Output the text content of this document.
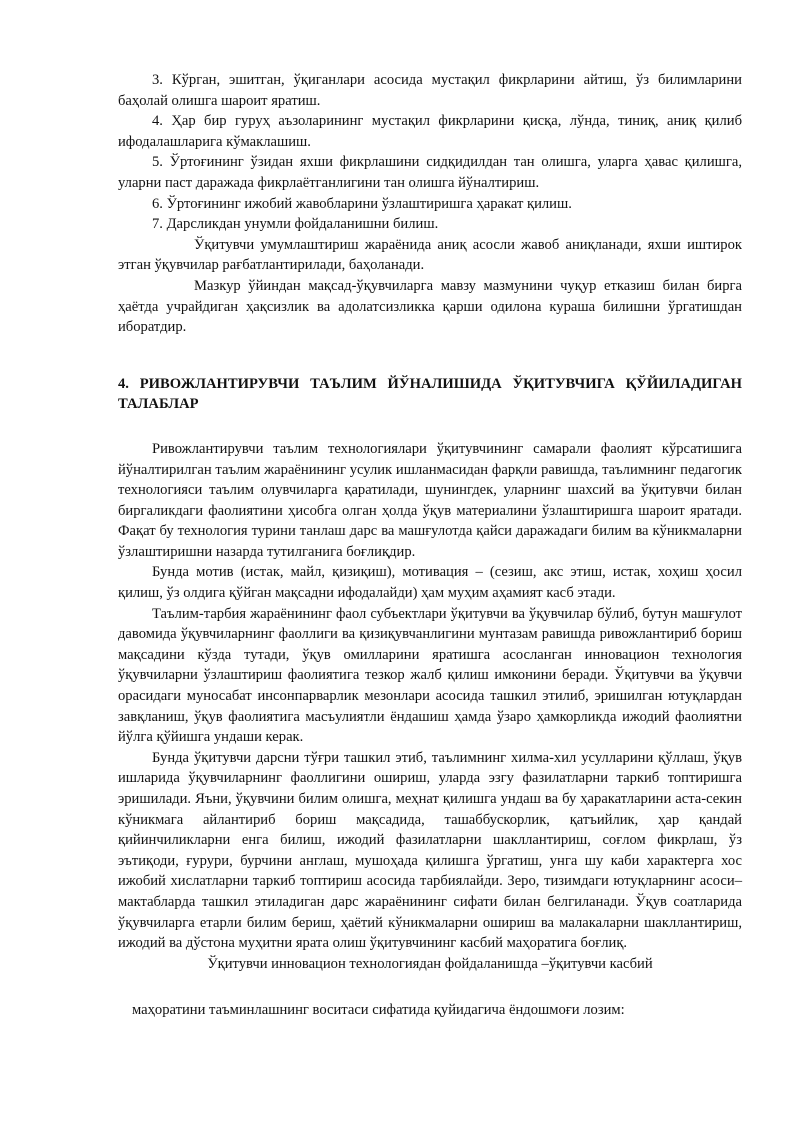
3. Кўрган, эшитган, ўқиганлари асосида мустақил фикрларини айтиш, ўз билимларини баҳолай олишга шароит яратиш.

4. Ҳар бир гуруҳ аъзоларининг мустақил фикрларини қисқа, лўнда, тиниқ, аниқ қилиб ифодалашларига кўмаклашиш.

5. Ўртоғининг ўзидан яхши фикрлашини сидқидилдан тан олишга, уларга ҳавас қилишга, уларни паст даражада фикрлаётганлигини тан олишга йўналтириш.

6. Ўртоғининг ижобий жавобларини ўзлаштиришга ҳаракат қилиш.

7. Дарсликдан унумли фойдаланишни билиш.

Ўқитувчи умумлаштириш жараёнида аниқ асосли жавоб аниқланади, яхши иштирок этган ўқувчилар рағбатлантирилади, баҳоланади.

Мазкур ўйиндан мақсад-ўқувчиларга мавзу мазмунини чуқур етказиш билан бирга ҳаётда учрайдиган ҳақсизлик ва адолатсизликка қарши одилона кураша билишни ўргатишдан иборатдир.

4. РИВОЖЛАНТИРУВЧИ ТАЪЛИМ ЙЎНАЛИШИДА ЎҚИТУВЧИГА ҚЎЙИЛАДИГАН ТАЛАБЛАР

Ривожлантирувчи таълим технологиялари ўқитувчининг самарали фаолият кўрсатишига йўналтирилган таълим жараёнининг усулик ишланмасидан фарқли равишда, таълимнинг педагогик технологияси таълим олувчиларга қаратилади, шунингдек, уларнинг шахсий ва ўқитувчи билан биргаликдаги фаолиятини ҳисобга олган ҳолда ўқув материалини ўзлаштиришга шароит яратади. Фақат бу технология турини танлаш дарс ва машғулотда қайси даражадаги билим ва кўникмаларни ўзлаштиришни назарда тутилганига боғлиқдир.

Бунда мотив (истак, майл, қизиқиш), мотивация – (сезиш, акс этиш, истак, хоҳиш ҳосил қилиш, ўз олдига қўйган мақсадни ифодалайди) ҳам муҳим аҳамият касб этади.

Таълим-тарбия жараёнининг фаол субъектлари ўқитувчи ва ўқувчилар бўлиб, бутун машғулот давомида ўқувчиларнинг фаоллиги ва қизиқувчанлигини мунтазам равишда ривожлантириб бориш мақсадини кўзда тутади, ўқув омилларини яратишга асосланган инновацион технология ўқувчиларни ўзлаштириш фаолиятига тезкор жалб қилиш имконини беради. Ўқитувчи ва ўқувчи орасидаги муносабат инсонпарварлик мезонлари асосида ташкил этилиб, эришилган ютуқлардан завқланиш, ўқув фаолиятига масъулиятли ёндашиш ҳамда ўзаро ҳамкорликда ижодий фаолиятни йўлга қўйишга ундаши керак.

Бунда ўқитувчи дарсни тўғри ташкил этиб, таълимнинг хилма-хил усулларини қўллаш, ўқув ишларида ўқувчиларнинг фаоллигини ошириш, уларда эзгу фазилатларни таркиб топтиришга эришилади. Яъни, ўқувчини билим олишга, меҳнат қилишга ундаш ва бу ҳаракатларини аста-секин кўникмага айлантириб бориш мақсадида, ташаббускорлик, қатъийлик, ҳар қандай қийинчиликларни енга билиш, ижодий фазилатларни шакллантириш, соғлом фикрлаш, ўз эътиқоди, ғурури, бурчини англаш, мушоҳада қилишга ўргатиш, унга шу каби характерга хос ижобий хислатларни таркиб топтириш асосида тарбиялайди. Зеро, тизимдаги ютуқларнинг асоси–мактабларда ташкил этиладиган дарс жараёнининг сифати билан белгиланади. Ўқув соатларида ўқувчиларга етарли билим бериш, ҳаётий кўникмаларни ошириш ва малакаларни шакллантириш, ижодий ва дўстона муҳитни ярата олиш ўқитувчининг касбий маҳоратига боғлиқ.

Ўқитувчи инновацион технологиядан фойдаланишда –ўқитувчи касбий

маҳоратини таъминлашнинг воситаси сифатида қуйидагича ёндошмоғи лозим:
